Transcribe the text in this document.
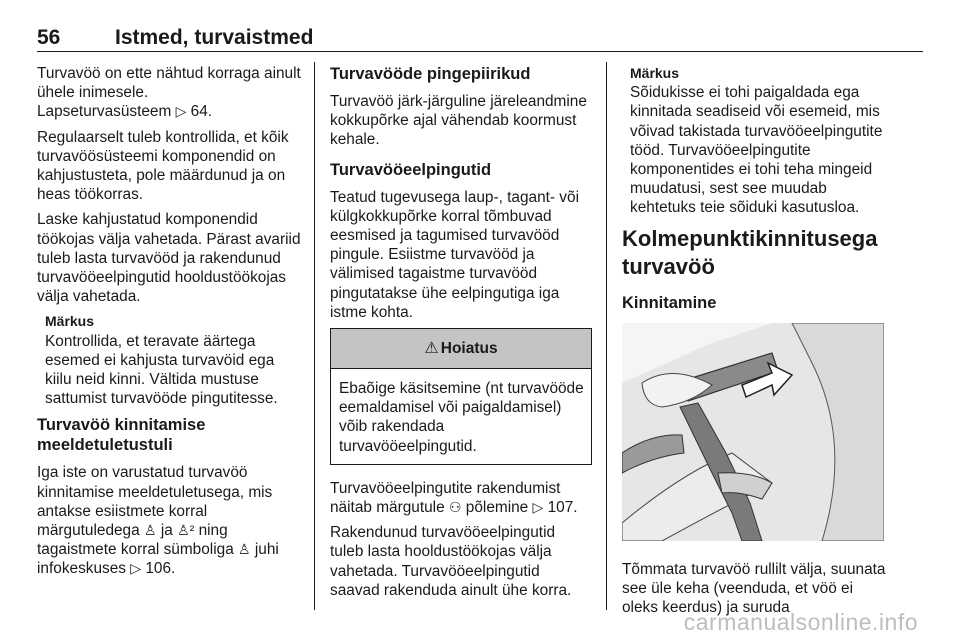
56	Istmed, turvaistmed

Turvavöö on ette nähtud korraga ainult ühele inimesele.
Lapseturvasüsteem ▷ 64.

Regulaarselt tuleb kontrollida, et kõik turvavöösüsteemi komponendid on kahjustusteta, pole määrdunud ja on heas töökorras.

Laske kahjustatud komponendid töökojas välja vahetada. Pärast avariid tuleb lasta turvavööd ja rakendunud turvavööeelpingutid hooldustöökojas välja vahetada.

Märkus
Kontrollida, et teravate äärtega esemed ei kahjusta turvavöid ega kiilu neid kinni. Vältida mustuse sattumist turvavööde pingutitesse.
Turvavöö kinnitamise meeldetuletustuli

Iga iste on varustatud turvavöö kinnitamise meeldetuletusega, mis antakse esiistmete korral märgutuledega ♙ ja ♙² ning tagaistmete korral sümboliga ♙ juhi infokeskuses ▷ 106.

Turvavööde pingepiirikud

Turvavöö järk-järguline järeleandmine kokkupõrke ajal vähendab koormust kehale.

Turvavööeelpingutid

Teatud tugevusega laup-, tagant- või külgkokkupõrke korral tõmbuvad eesmised ja tagumised turvavööd pingule. Esiistme turvavööd ja välimised tagaistme turvavööd pingutatakse ühe eelpingutiga iga istme kohta.

⚠ Hoiatus
Ebaõige käsitsemine (nt turvavööde eemaldamisel või paigaldamisel) võib rakendada turvavööeelpingutid.

Turvavööeelpingutite rakendumist näitab märgutule ⚇ põlemine ▷ 107.

Rakendunud turvavööeelpingutid tuleb lasta hooldustöökojas välja vahetada. Turvavööeelpingutid saavad rakenduda ainult ühe korra.

Märkus
Sõidukisse ei tohi paigaldada ega kinnitada seadiseid või esemeid, mis võivad takistada turvavööeelpingutite tööd. Turvavööeelpingutite komponentides ei tohi teha mingeid muudatusi, sest see muudab kehtetuks teie sõiduki kasutusloa.
Kolmepunktikinnitusega turvavöö
Kinnitamine

Tõmmata turvavöö rullilt välja, suunata see üle keha (veenduda, et vöö ei oleks keerdus) ja suruda

carmanualsonline.info
